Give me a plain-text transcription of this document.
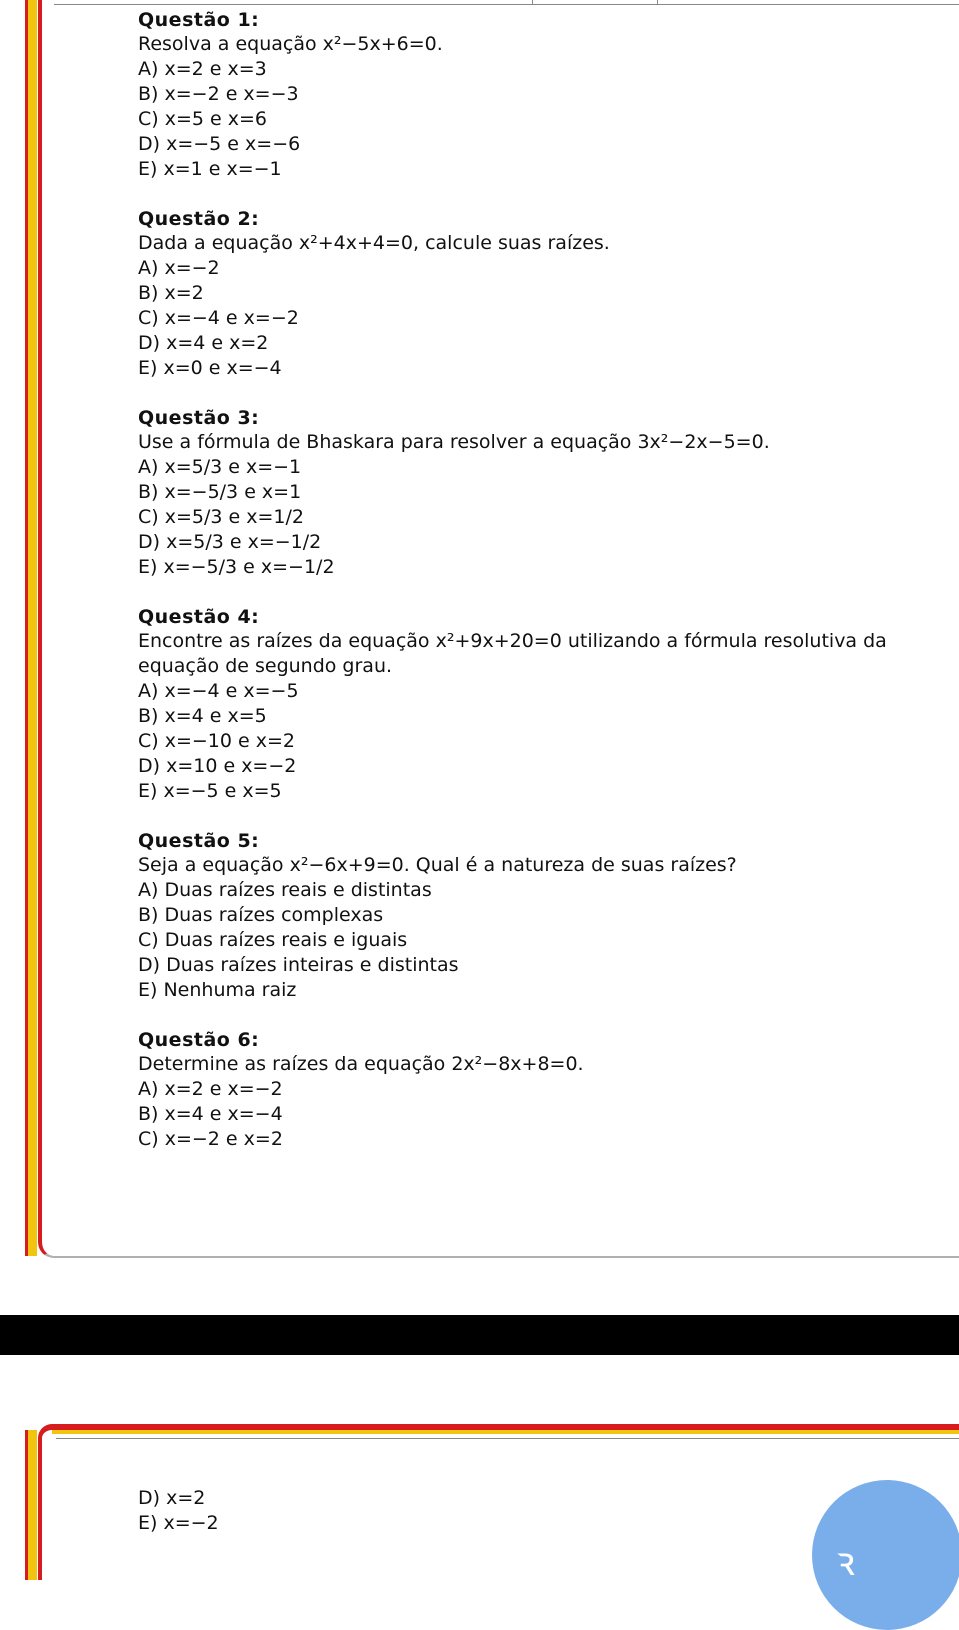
Questão 1:

Resolva a equação x²−5x+6=0.

A) x=2 e x=3

B) x=−2 e x=−3

C) x=5 e x=6

D) x=−5 e x=−6

E) x=1 e x=−1

Questão 2:

Dada a equação x²+4x+4=0, calcule suas raízes.

A) x=−2

B) x=2

C) x=−4 e x=−2

D) x=4 e x=2

E) x=0 e x=−4

Questão 3:

Use a fórmula de Bhaskara para resolver a equação 3x²−2x−5=0.

A) x=5/3 e x=−1

B) x=−5/3 e x=1

C) x=5/3 e x=1/2

D) x=5/3 e x=−1/2

E) x=−5/3 e x=−1/2

Questão 4:

Encontre as raízes da equação x²+9x+20=0 utilizando a fórmula resolutiva da equação de segundo grau.

A) x=−4 e x=−5

B) x=4 e x=5

C) x=−10 e x=2

D) x=10 e x=−2

E) x=−5 e x=5

Questão 5:

Seja a equação x²−6x+9=0. Qual é a natureza de suas raízes?

A) Duas raízes reais e distintas

B) Duas raízes complexas

C) Duas raízes reais e iguais

D) Duas raízes inteiras e distintas

E) Nenhuma raiz

Questão 6:

Determine as raízes da equação 2x²−8x+8=0.

A) x=2 e x=−2

B) x=4 e x=−4

C) x=−2 e x=2

D) x=2

E) x=−2

ꝛ
